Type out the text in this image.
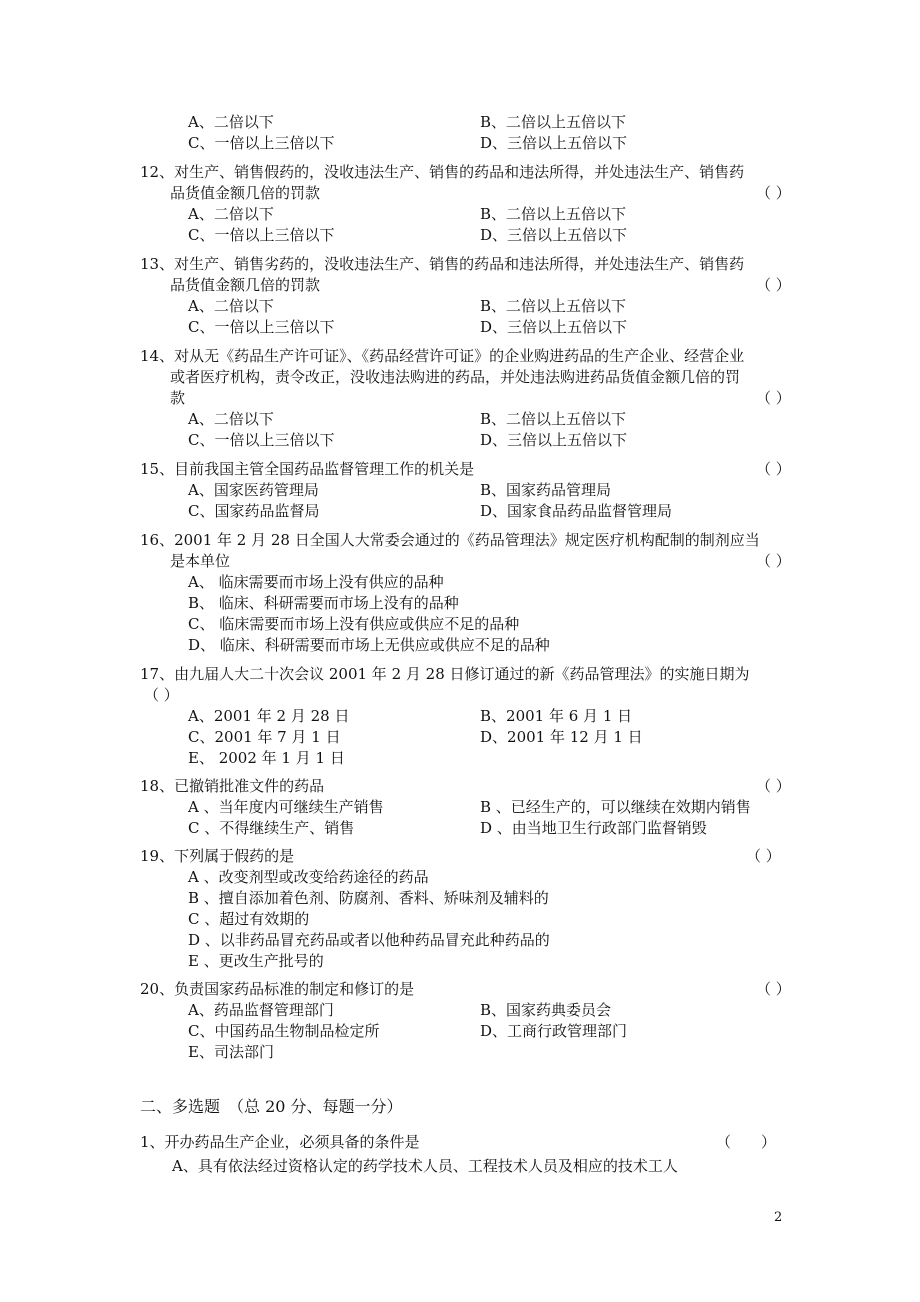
A、二倍以下	B、二倍以上五倍以下
C、一倍以上三倍以下	D、三倍以上五倍以下
12、对生产、销售假药的，没收违法生产、销售的药品和违法所得，并处违法生产、销售药
品货值金额几倍的罚款	（ ）
A、二倍以下	B、二倍以上五倍以下
C、一倍以上三倍以下	D、三倍以上五倍以下
13、对生产、销售劣药的，没收违法生产、销售的药品和违法所得，并处违法生产、销售药
品货值金额几倍的罚款	（ ）
A、二倍以下	B、二倍以上五倍以下
C、一倍以上三倍以下	D、三倍以上五倍以下
14、对从无《药品生产许可证》、《药品经营许可证》的企业购进药品的生产企业、经营企业
或者医疗机构，责令改正，没收违法购进的药品，并处违法购进药品货值金额几倍的罚
款	（ ）
A、二倍以下	B、二倍以上五倍以下
C、一倍以上三倍以下	D、三倍以上五倍以下
15、目前我国主管全国药品监督管理工作的机关是	（ ）
A、国家医药管理局	B、国家药品管理局
C、国家药品监督局	D、国家食品药品监督管理局
16、2001 年 2 月 28 日全国人大常委会通过的《药品管理法》规定医疗机构配制的制剂应当
是本单位	（ ）
A、 临床需要而市场上没有供应的品种
B、 临床、科研需要而市场上没有的品种
C、 临床需要而市场上没有供应或供应不足的品种
D、 临床、科研需要而市场上无供应或供应不足的品种
17、由九届人大二十次会议 2001 年 2 月 28 日修订通过的新《药品管理法》的实施日期为
（ ）
A、2001 年 2 月 28 日	B、2001 年 6 月 1 日
C、2001 年 7 月 1 日	D、2001 年 12 月 1 日
E、 2002 年 1 月 1 日
18、已撤销批准文件的药品	（ ）
A 、当年度内可继续生产销售	B 、已经生产的，可以继续在效期内销售
C 、不得继续生产、销售	D 、由当地卫生行政部门监督销毁
19、下列属于假药的是	（ ）
A 、改变剂型或改变给药途径的药品
B 、擅自添加着色剂、防腐剂、香料、矫味剂及辅料的
C 、超过有效期的
D 、以非药品冒充药品或者以他种药品冒充此种药品的
E 、更改生产批号的
20、负责国家药品标准的制定和修订的是	（ ）
A、药品监督管理部门	B、国家药典委员会
C、中国药品生物制品检定所	D、工商行政管理部门
E、司法部门
二、多选题　（总 20 分、每题一分）
1、开办药品生产企业，必须具备的条件是	（　　）
A、具有依法经过资格认定的药学技术人员、工程技术人员及相应的技术工人
2
